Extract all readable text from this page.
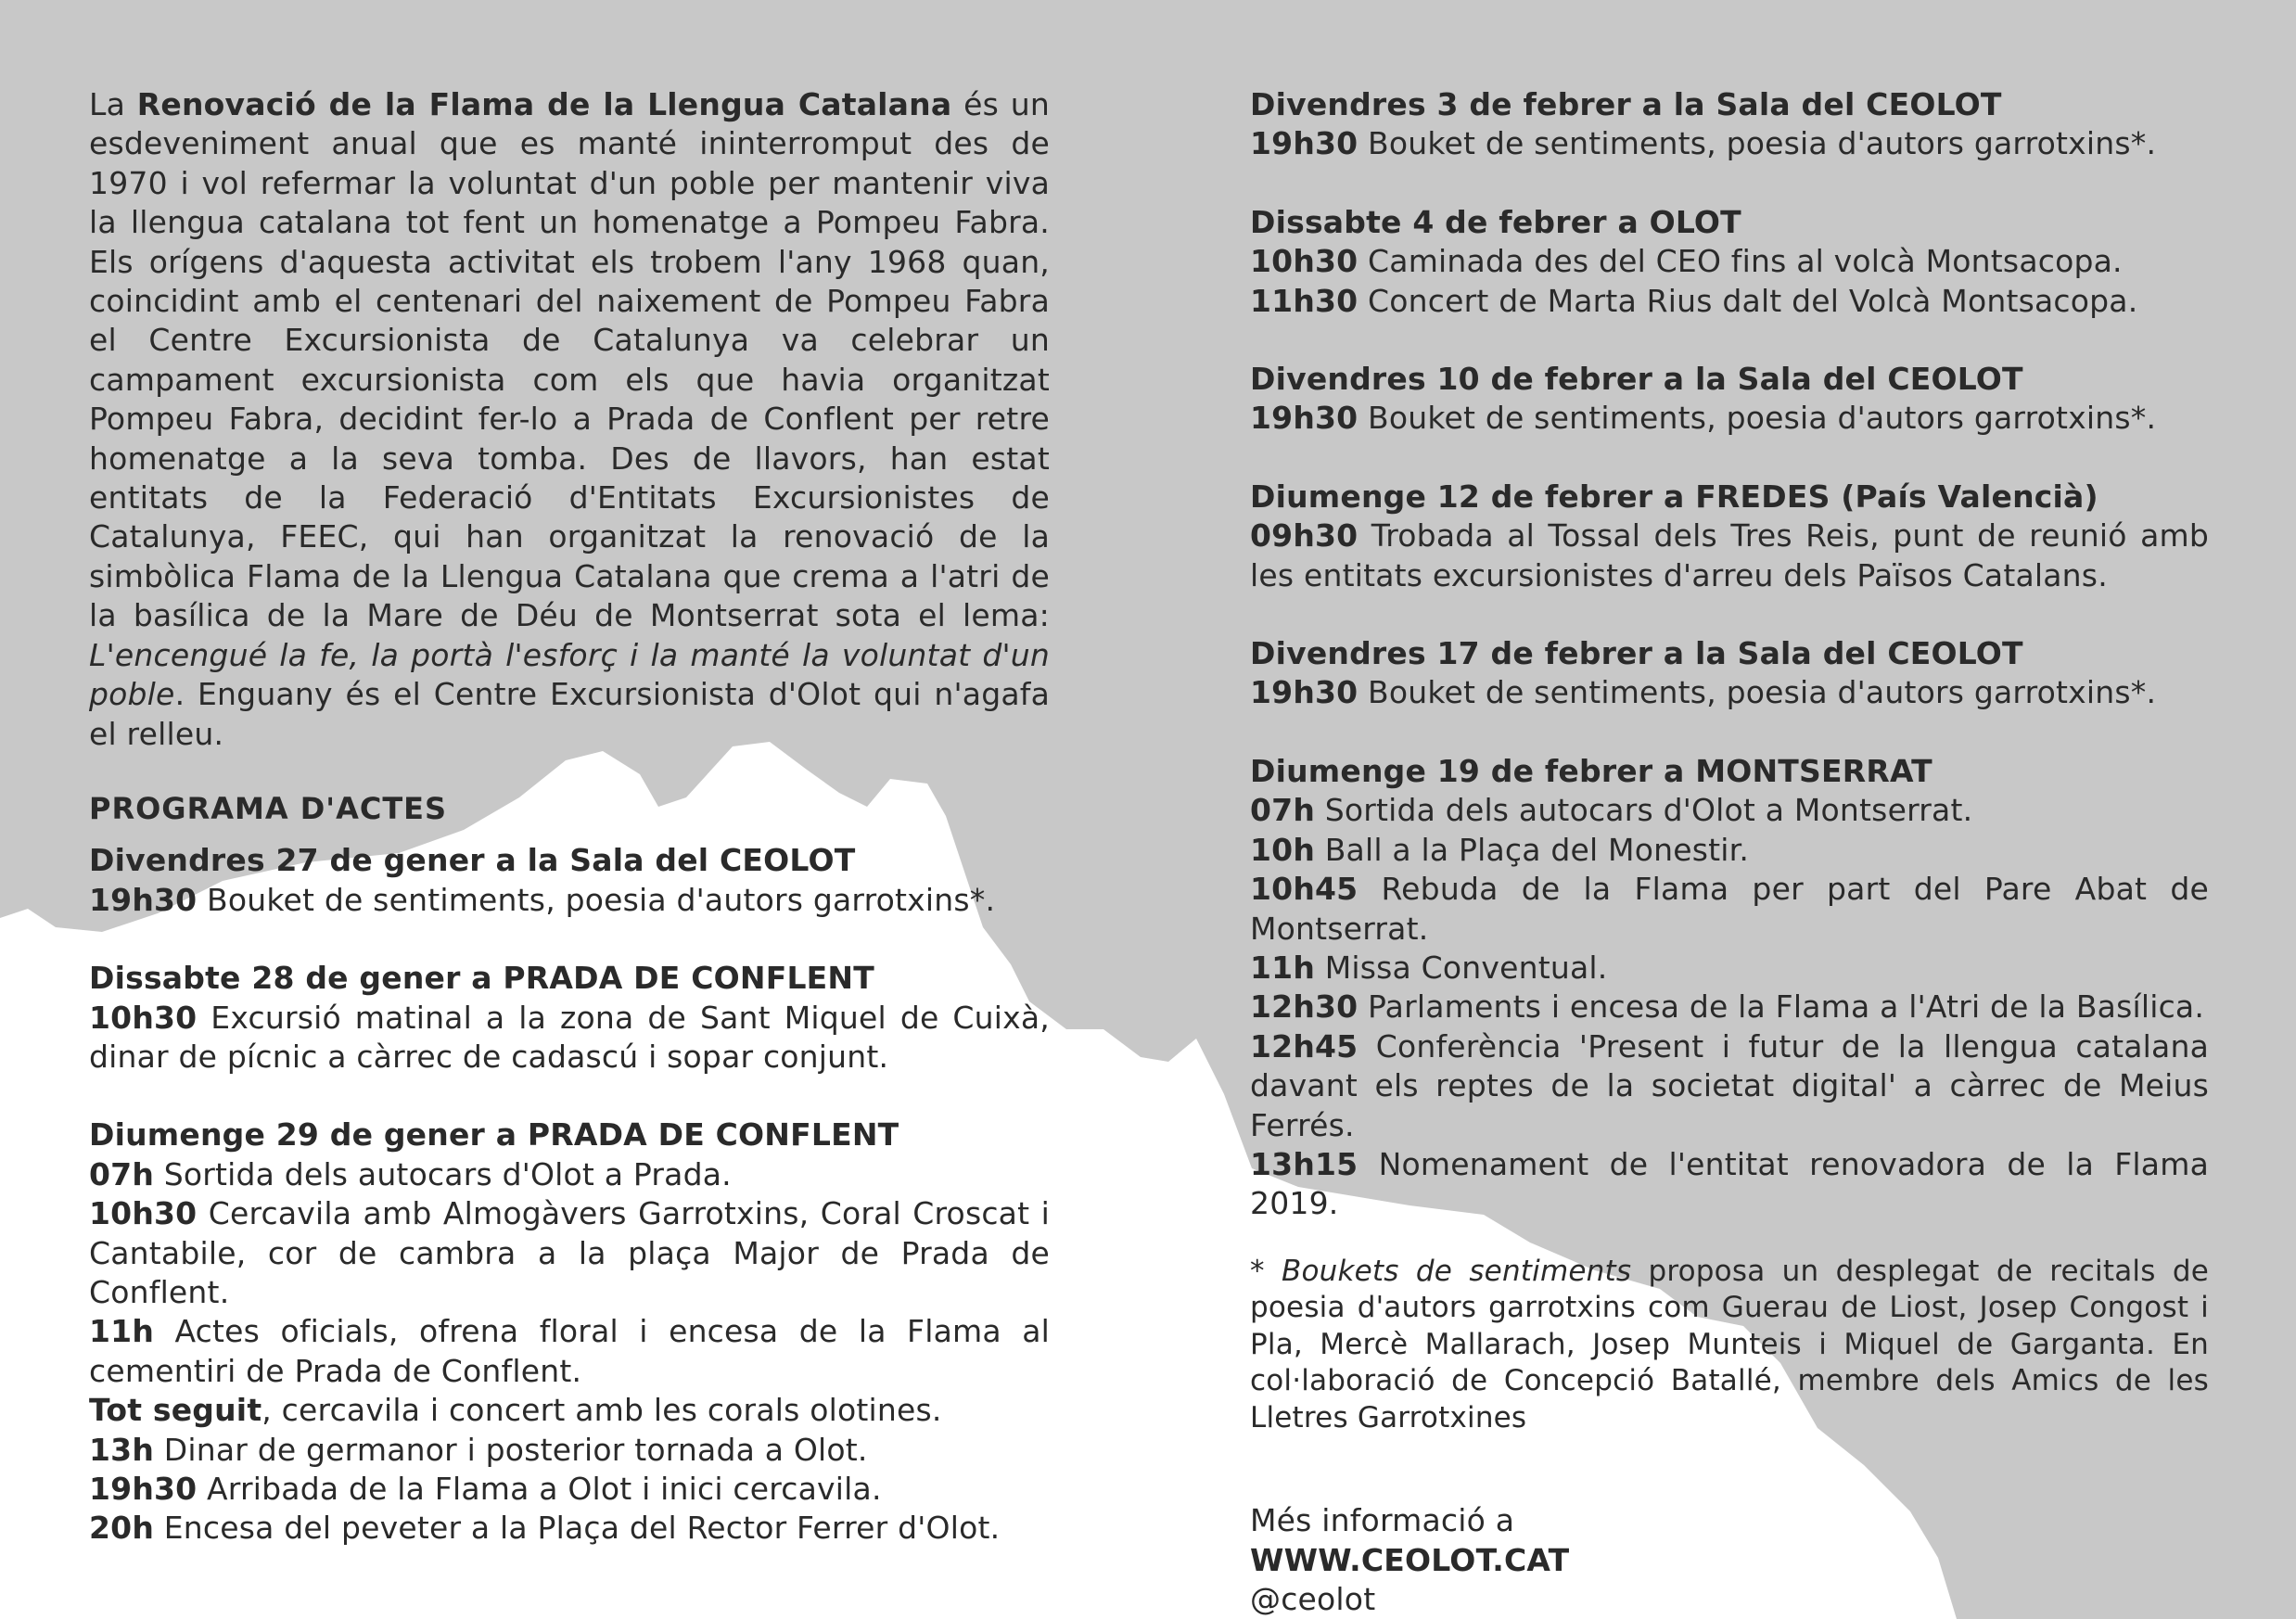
La Renovació de la Flama de la Llengua Catalana és un esdeveniment anual que es manté ininterromput des de 1970 i vol refermar la voluntat d'un poble per mantenir viva la llengua catalana tot fent un homenatge a Pompeu Fabra. Els orígens d'aquesta activitat els trobem l'any 1968 quan, coincidint amb el centenari del naixement de Pompeu Fabra el Centre Excursionista de Catalunya va celebrar un campament excursionista com els que havia organitzat Pompeu Fabra, decidint fer-lo a Prada de Conflent per retre homenatge a la seva tomba. Des de llavors, han estat entitats de la Federació d'Entitats Excursionistes de Catalunya, FEEC, qui han organitzat la renovació de la simbòlica Flama de la Llengua Catalana que crema a l'atri de la basílica de la Mare de Déu de Montserrat sota el lema: L'encengué la fe, la portà l'esforç i la manté la voluntat d'un poble. Enguany és el Centre Excursionista d'Olot qui n'agafa el relleu.

PROGRAMA D'ACTES
Divendres 27 de gener a la Sala del CEOLOT
19h30 Bouket de sentiments, poesia d'autors garrotxins*.
Dissabte 28 de gener a PRADA DE CONFLENT
10h30 Excursió matinal a la zona de Sant Miquel de Cuixà, dinar de pícnic a càrrec de cadascú i sopar conjunt.
Diumenge 29 de gener a PRADA DE CONFLENT
07h Sortida dels autocars d'Olot a Prada.
10h30 Cercavila amb Almogàvers Garrotxins, Coral Croscat i Cantabile, cor de cambra a la plaça Major de Prada de Conflent.
11h Actes oficials, ofrena floral i encesa de la Flama al cementiri de Prada de Conflent.
Tot seguit, cercavila i concert amb les corals olotines.
13h Dinar de germanor i posterior tornada a Olot.
19h30 Arribada de la Flama a Olot i inici cercavila.
20h Encesa del peveter a la Plaça del Rector Ferrer d'Olot.
Divendres 3 de febrer a la Sala del CEOLOT
19h30 Bouket de sentiments, poesia d'autors garrotxins*.
Dissabte 4 de febrer a OLOT
10h30 Caminada des del CEO fins al volcà Montsacopa.
11h30 Concert de Marta Rius dalt del Volcà Montsacopa.
Divendres 10 de febrer a la Sala del CEOLOT
19h30 Bouket de sentiments, poesia d'autors garrotxins*.
Diumenge 12 de febrer a FREDES (País Valencià)
09h30 Trobada al Tossal dels Tres Reis, punt de reunió amb les entitats excursionistes d'arreu dels Països Catalans.
Divendres 17 de febrer a la Sala del CEOLOT
19h30 Bouket de sentiments, poesia d'autors garrotxins*.
Diumenge 19 de febrer a MONTSERRAT
07h Sortida dels autocars d'Olot a Montserrat.
10h Ball a la Plaça del Monestir.
10h45 Rebuda de la Flama per part del Pare Abat de Montserrat.
11h Missa Conventual.
12h30 Parlaments i encesa de la Flama a l'Atri de la Basílica.
12h45 Conferència 'Present i futur de la llengua catalana davant els reptes de la societat digital' a càrrec de Meius Ferrés.
13h15 Nomenament de l'entitat renovadora de la Flama 2019.

* Boukets de sentiments proposa un desplegat de recitals de poesia d'autors garrotxins com Guerau de Liost, Josep Congost i Pla, Mercè Mallarach, Josep Munteis i Miquel de Garganta. En col·laboració de Concepció Batallé, membre dels Amics de les Lletres Garrotxines

Més informació a
WWW.CEOLOT.CAT
@ceolot
